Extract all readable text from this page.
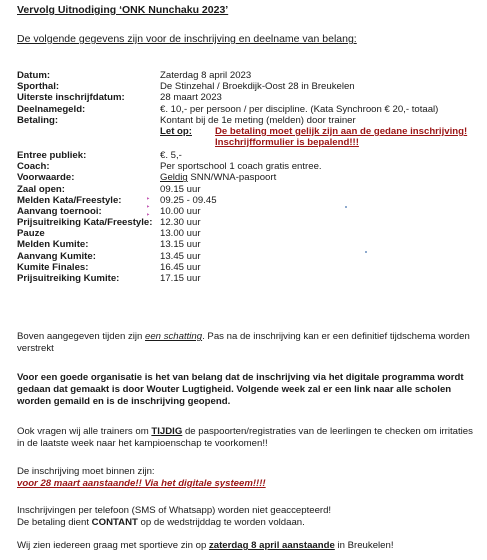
Vervolg Uitnodiging ‘ONK Nunchaku 2023’
De volgende gegevens zijn voor de inschrijving en deelname van belang:
Datum:	Zaterdag 8 april 2023
Sporthal:	De Stinzehal / Broekdijk-Oost 28 in Breukelen
Uiterste inschrijfdatum:	28 maart 2023
Deelnamegeld:	€. 10,- per persoon / per discipline. (Kata Synchroon € 20,- totaal)
Betaling:	Kontant bij de 1e meting (melden) door trainer
Let op: De betaling moet gelijk zijn aan de gedane inschrijving!
Inschrijfformulier is bepalend!!!
Entree publiek:	€. 5,-
Coach:	Per sportschool 1 coach gratis entree.
Voorwaarde:	Geldig SNN/WNA-paspoort
Zaal open:	09.15 uur
Melden Kata/Freestyle:	09.25 - 09.45
Aanvang toernooi:	10.00 uur
Prijsuitreiking Kata/Freestyle: 12.30 uur
Pauze	13.00 uur
Melden Kumite:	13.15 uur
Aanvang Kumite:	13.45 uur
Kumite Finales:	16.45 uur
Prijsuitreiking Kumite:	17.15 uur
‣
‣
‣
Boven aangegeven tijden zijn een schatting. Pas na de inschrijving kan er een definitief tijdschema worden verstrekt
Voor een goede organisatie is het van belang dat de inschrijving via het digitale programma wordt gedaan dat gemaakt is door Wouter Lugtigheid. Volgende week zal er een link naar alle scholen worden gemaild en is de inschrijving geopend.
Ook vragen wij alle trainers om TIJDIG de paspoorten/registraties van de leerlingen te checken om irritaties in de laatste week naar het kampioenschap te voorkomen!!
De inschrijving moet binnen zijn:
voor 28 maart aanstaande!! Via het digitale systeem!!!!
Inschrijvingen per telefoon (SMS of Whatsapp) worden niet geaccepteerd!
De betaling dient CONTANT op de wedstrijddag te worden voldaan.
Wij zien iedereen graag met sportieve zin op zaterdag 8 april aanstaande in Breukelen!
